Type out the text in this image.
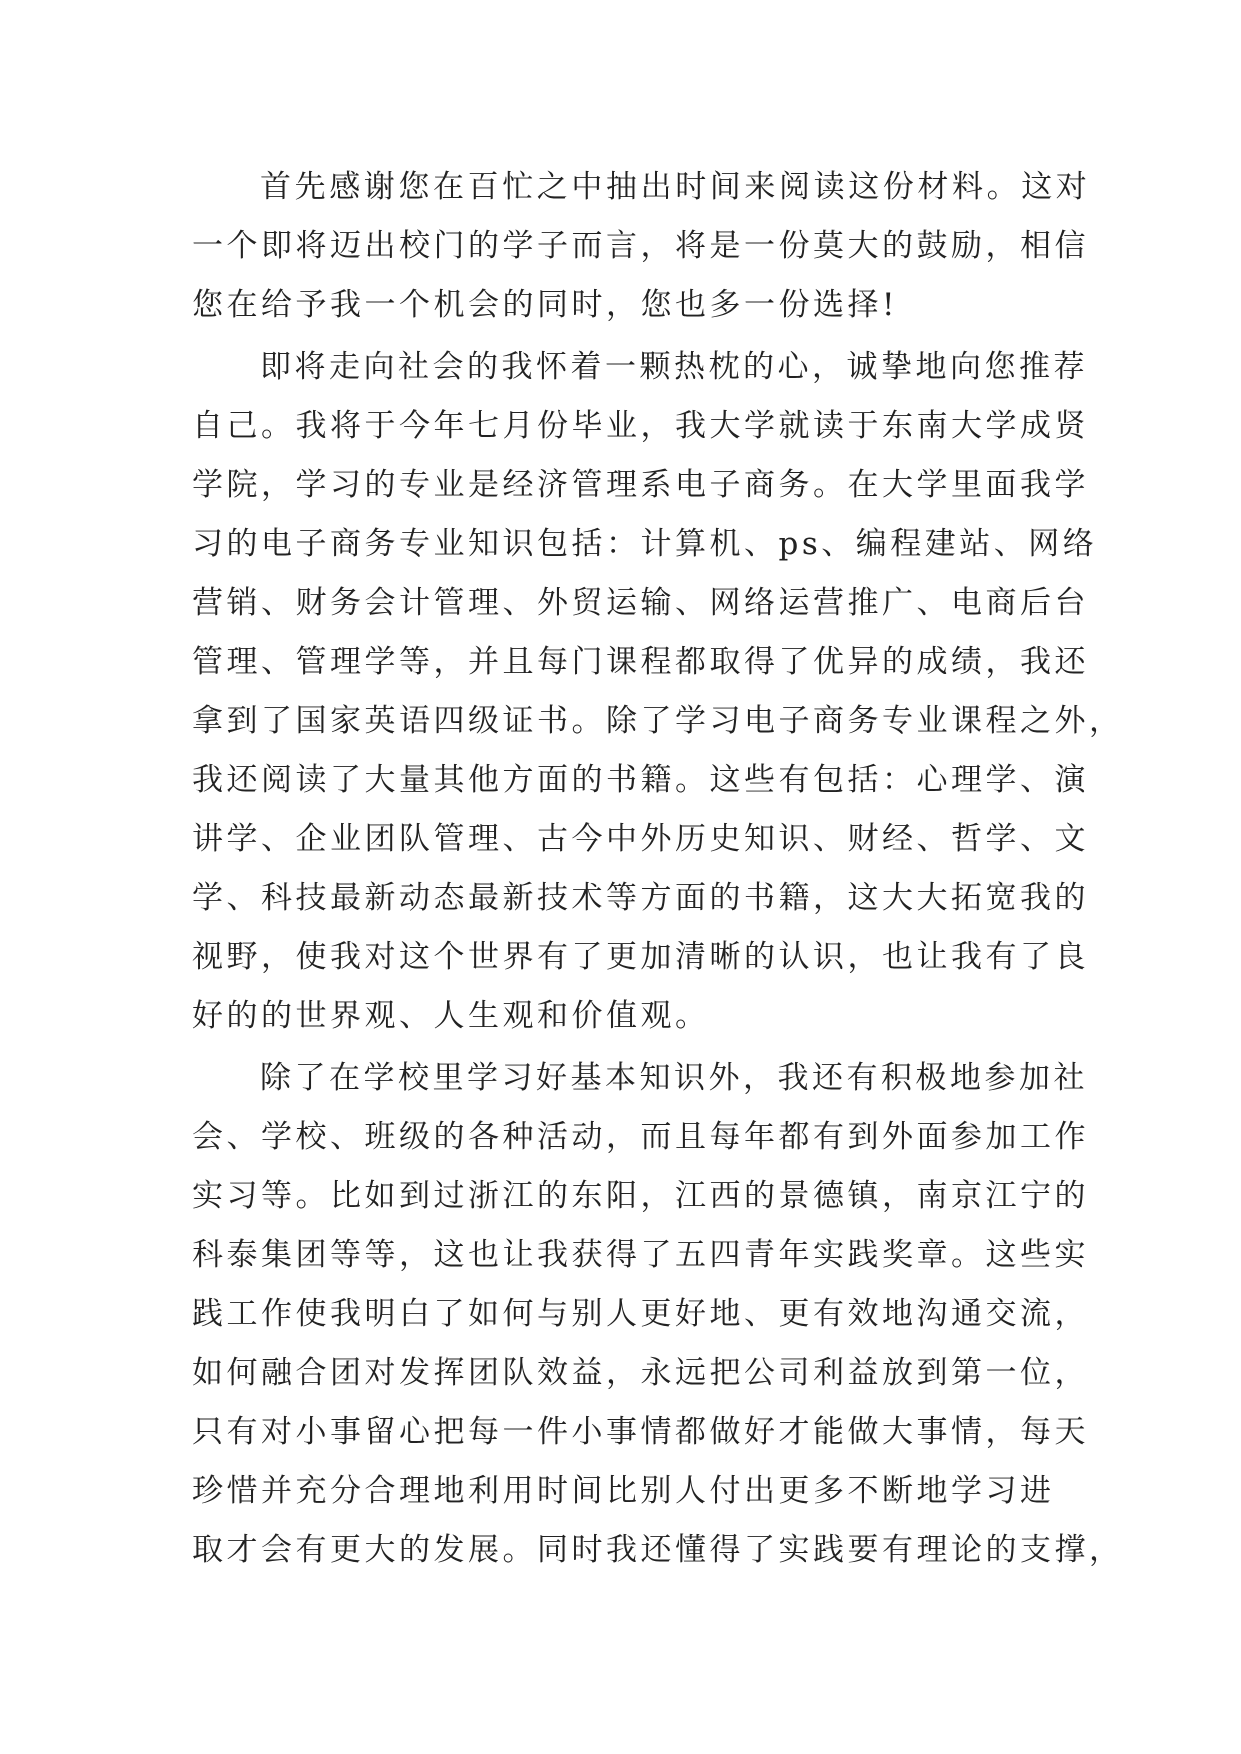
首先感谢您在百忙之中抽出时间来阅读这份材料。这对
一个即将迈出校门的学子而言，将是一份莫大的鼓励，相信
您在给予我一个机会的同时，您也多一份选择!
即将走向社会的我怀着一颗热枕的心，诚挚地向您推荐
自己。我将于今年七月份毕业，我大学就读于东南大学成贤
学院，学习的专业是经济管理系电子商务。在大学里面我学
习的电子商务专业知识包括：计算机、ps、编程建站、网络
营销、财务会计管理、外贸运输、网络运营推广、电商后台
管理、管理学等，并且每门课程都取得了优异的成绩，我还
拿到了国家英语四级证书。除了学习电子商务专业课程之外，
我还阅读了大量其他方面的书籍。这些有包括：心理学、演
讲学、企业团队管理、古今中外历史知识、财经、哲学、文
学、科技最新动态最新技术等方面的书籍，这大大拓宽我的
视野，使我对这个世界有了更加清晰的认识，也让我有了良
好的的世界观、人生观和价值观。
除了在学校里学习好基本知识外，我还有积极地参加社
会、学校、班级的各种活动，而且每年都有到外面参加工作
实习等。比如到过浙江的东阳，江西的景德镇，南京江宁的
科泰集团等等，这也让我获得了五四青年实践奖章。这些实
践工作使我明白了如何与别人更好地、更有效地沟通交流，
如何融合团对发挥团队效益，永远把公司利益放到第一位，
只有对小事留心把每一件小事情都做好才能做大事情，每天
珍惜并充分合理地利用时间比别人付出更多不断地学习进
取才会有更大的发展。同时我还懂得了实践要有理论的支撑，
